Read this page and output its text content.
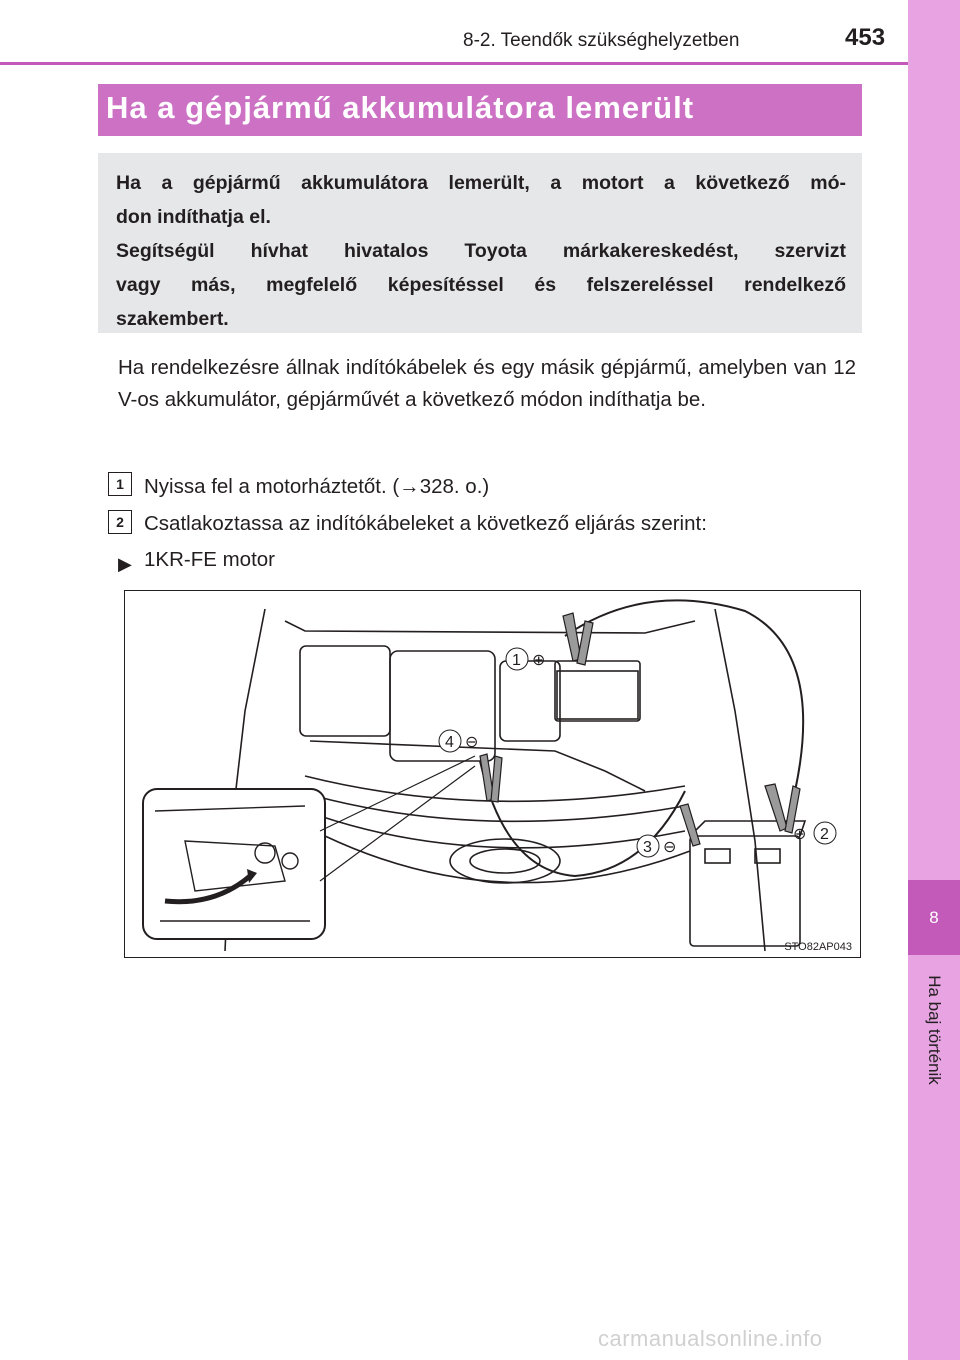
8
Ha baj történik
8-2. Teendők szükséghelyzetben	453
Ha a gépjármű akkumulátora lemerült
Ha a gépjármű akkumulátora lemerült, a motort a következő mó-
don indíthatja el.
Segítségül hívhat hivatalos Toyota márkakereskedést, szervizt
vagy más, megfelelő képesítéssel és felszereléssel rendelkező
szakembert.
Ha rendelkezésre állnak indítókábelek és egy másik gépjármű, amelyben van 12 V-os akkumulátor, gépjárművét a következő módon indíthatja be.
1 Nyissa fel a motorháztetőt. (→328. o.)
2 Csatlakoztassa az indítókábeleket a következő eljárás szerint:
▶ 1KR-FE motor
1 ⊕
2
⊕
3 ⊖
4 ⊖
STO82AP043
carmanualsonline.info
